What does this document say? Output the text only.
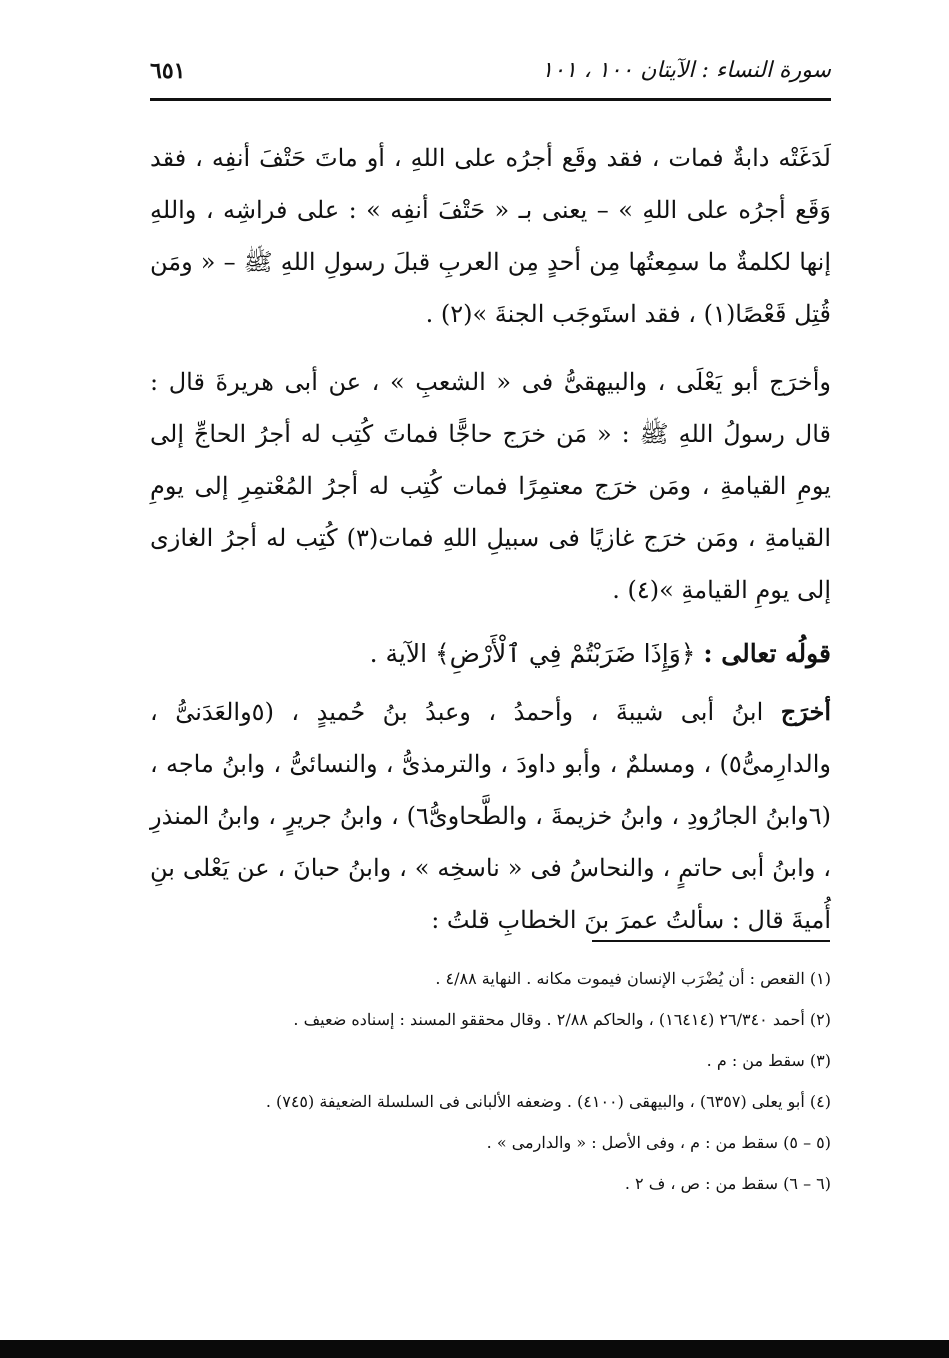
سورة النساء : الآيتان ١٠٠ ، ١٠١
٦٥١
لَدَغَتْه دابةٌ فمات ، فقد وقَع أجرُه على اللهِ ، أو ماتَ حَتْفَ أنفِه ، فقد وَقَع أجرُه على اللهِ » – يعنى بـ « حَتْفَ أنفِه » : على فراشِه ، واللهِ إنها لكلمةٌ ما سمِعتُها مِن أحدٍ مِن العربِ قبلَ رسولِ اللهِ ﷺ – « ومَن قُتِل قَعْصًا(١) ، فقد استَوجَب الجنةَ »(٢) .
وأخرَج أبو يَعْلَى ، والبيهقىُّ فى « الشعبِ » ، عن أبى هريرةَ قال : قال رسولُ اللهِ ﷺ : « مَن خرَج حاجًّا فماتَ كُتِب له أجرُ الحاجِّ إلى يومِ القيامةِ ، ومَن خرَج معتمِرًا فمات كُتِب له أجرُ المُعْتمِرِ إلى يومِ القيامةِ ، ومَن خرَج غازيًا فى سبيلِ اللهِ فمات(٣) كُتِب له أجرُ الغازى إلى يومِ القيامةِ »(٤) .
قولُه تعالى : ﴿وَإِذَا ضَرَبْتُمْ فِي ٱلْأَرْضِ﴾ الآية .
أخرَج ابنُ أبى شيبةَ ، وأحمدُ ، وعبدُ بنُ حُميدٍ ، (٥والعَدَنىُّ ، والدارِمىُّ٥) ، ومسلمٌ ، وأبو داودَ ، والترمذىُّ ، والنسائىُّ ، وابنُ ماجه ، (٦وابنُ الجارُودِ ، وابنُ خزيمةَ ، والطَّحاوىُّ٦) ، وابنُ جريرٍ ، وابنُ المنذرِ ، وابنُ أبى حاتمٍ ، والنحاسُ فى « ناسخِه » ، وابنُ حبانَ ، عن يَعْلى بنِ أُميةَ قال : سألتُ عمرَ بنَ الخطابِ قلتُ :
(١) القعص : أن يُضْرَب الإنسان فيموت مكانه . النهاية ٤/٨٨ .
(٢) أحمد ٢٦/٣٤٠ (١٦٤١٤) ، والحاكم ٢/٨٨ . وقال محققو المسند : إسناده ضعيف .
(٣) سقط من : م .
(٤) أبو يعلى (٦٣٥٧) ، والبيهقى (٤١٠٠) . وضعفه الألبانى فى السلسلة الضعيفة (٧٤٥) .
(٥ – ٥) سقط من : م ، وفى الأصل : « والدارمى » .
(٦ – ٦) سقط من : ص ، ف ٢ .
